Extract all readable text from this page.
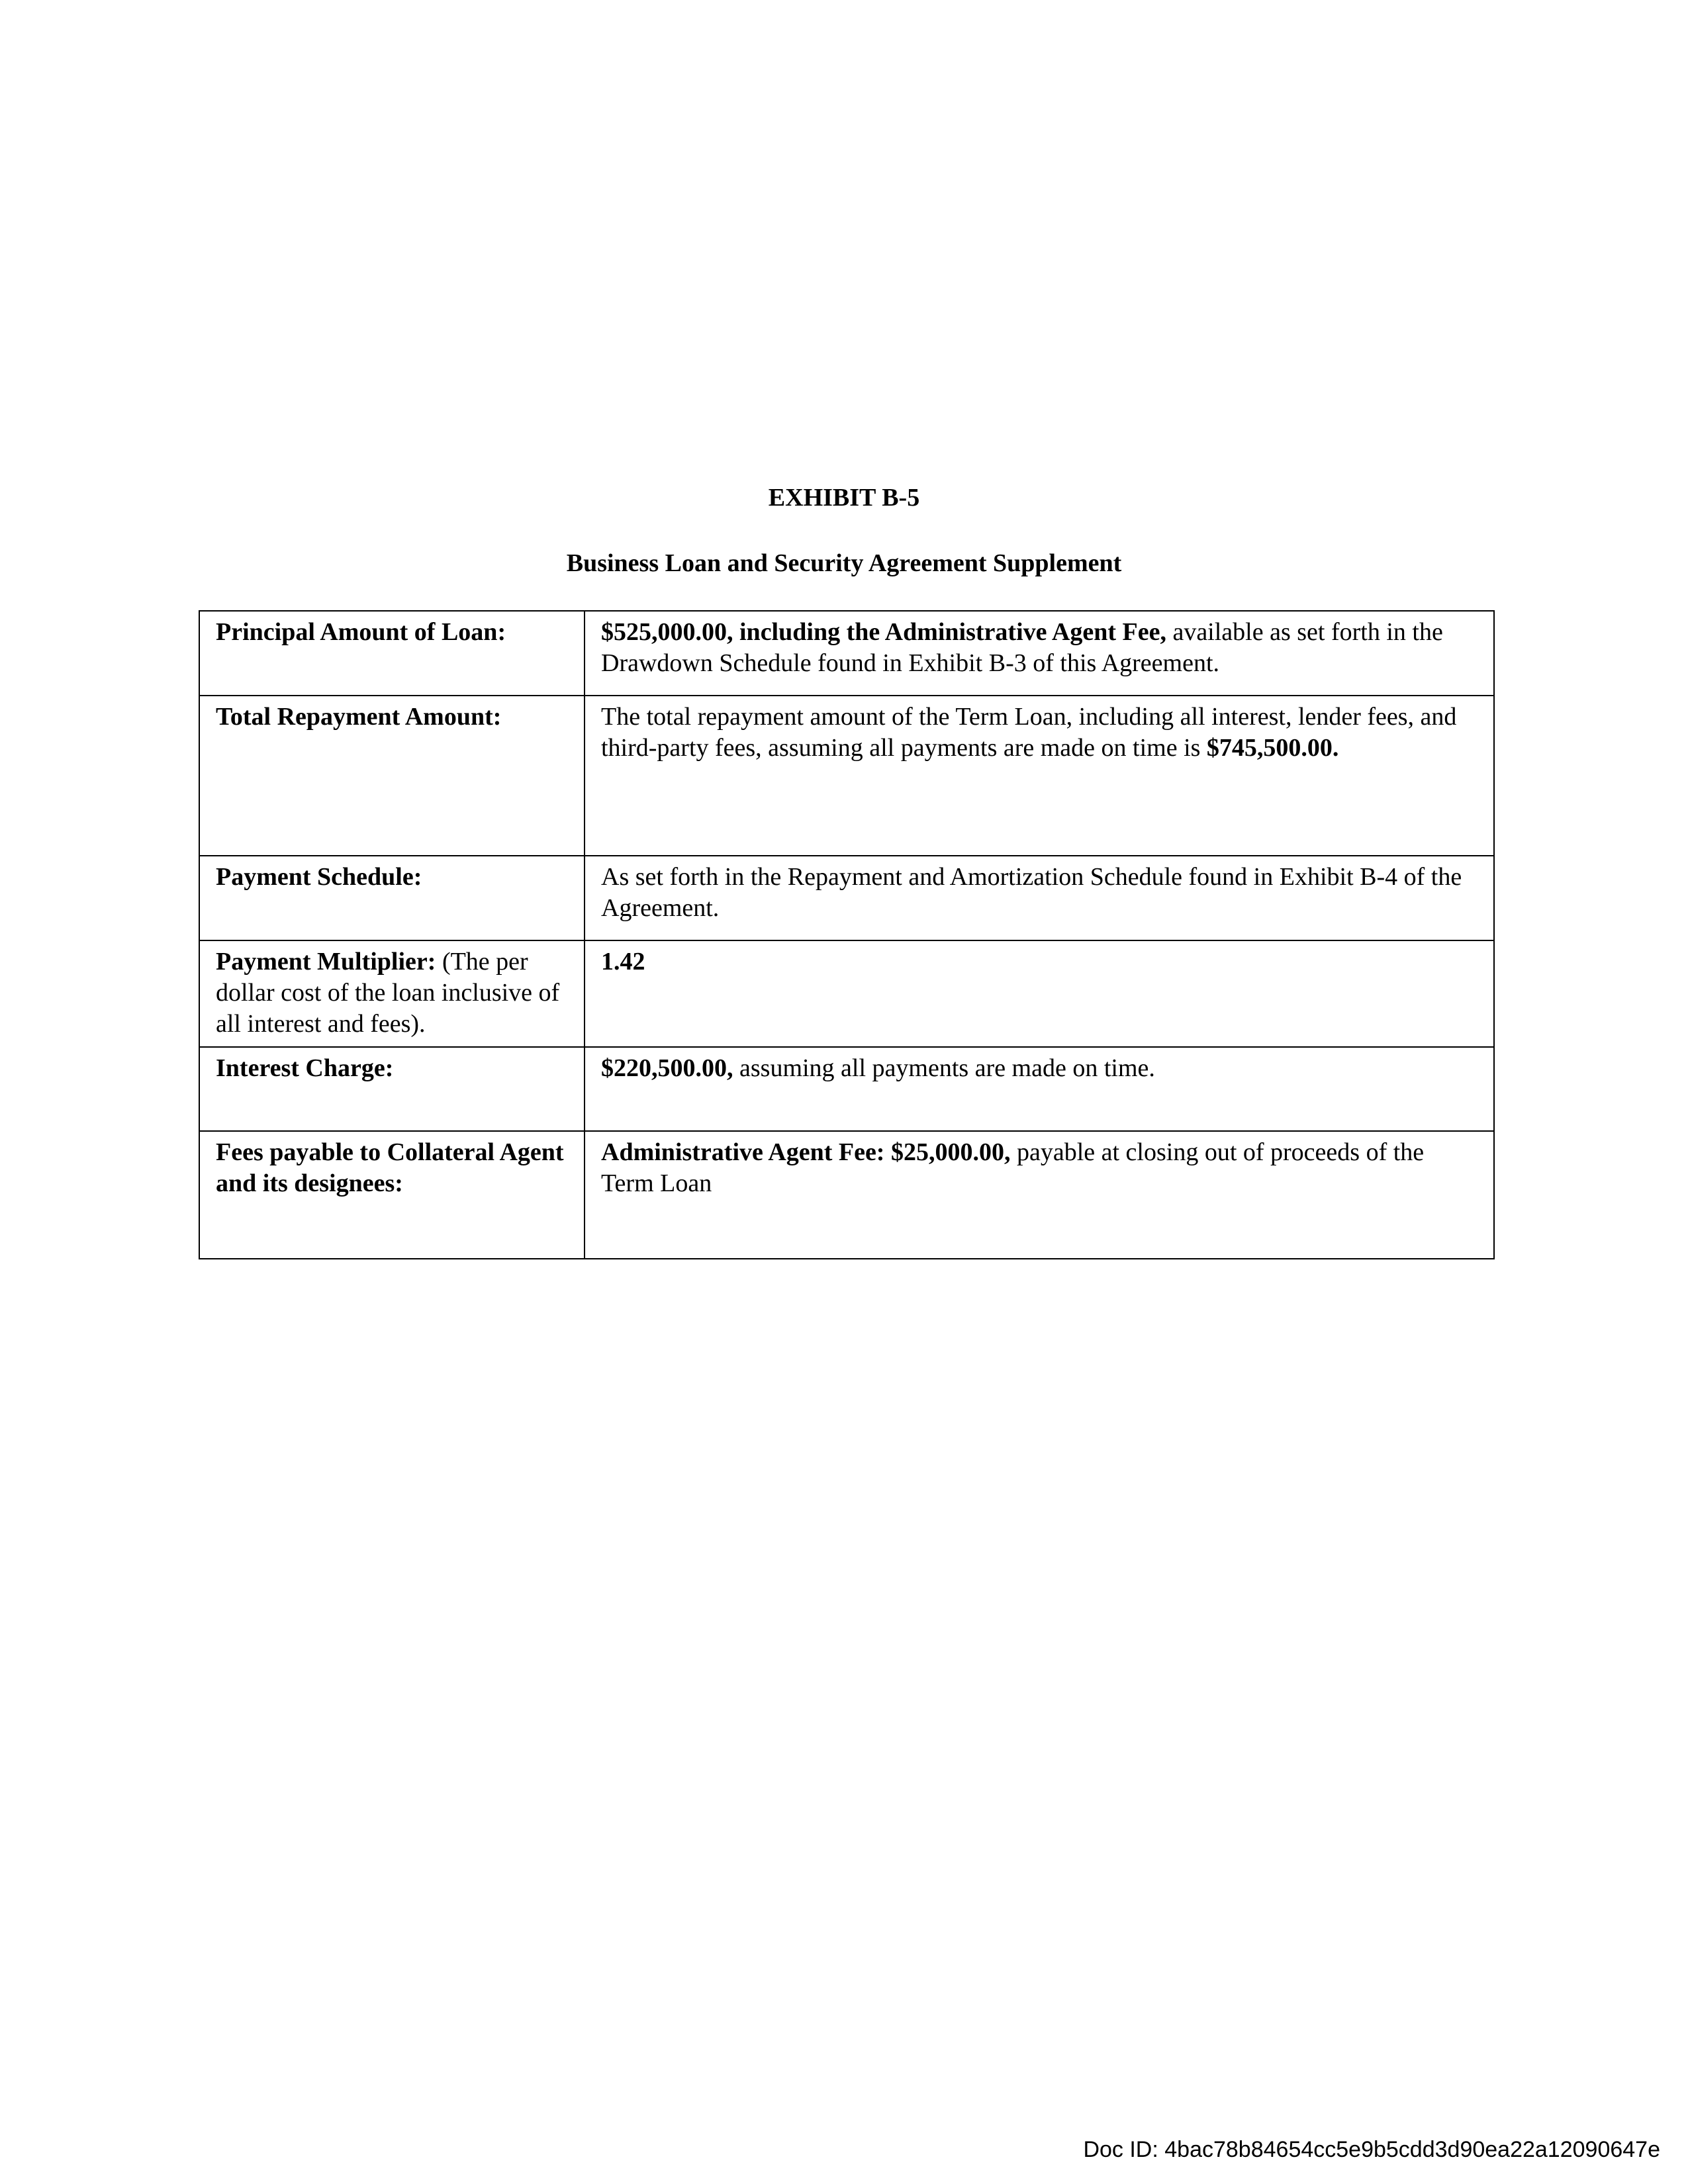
EXHIBIT B-5
Business Loan and Security Agreement Supplement
Principal Amount of Loan:	$525,000.00, including the Administrative Agent Fee, available as set forth in the Drawdown Schedule found in Exhibit B-3 of this Agreement.
Total Repayment Amount:	The total repayment amount of the Term Loan, including all interest, lender fees, and third-party fees, assuming all payments are made on time is $745,500.00.
Payment Schedule:	As set forth in the Repayment and Amortization Schedule found in Exhibit B-4 of the Agreement.
Payment Multiplier: (The per dollar cost of the loan inclusive of all interest and fees).	1.42
Interest Charge:	$220,500.00, assuming all payments are made on time.
Fees payable to Collateral Agent and its designees:	Administrative Agent Fee: $25,000.00, payable at closing out of proceeds of the Term Loan
Doc ID: 4bac78b84654cc5e9b5cdd3d90ea22a12090647e
